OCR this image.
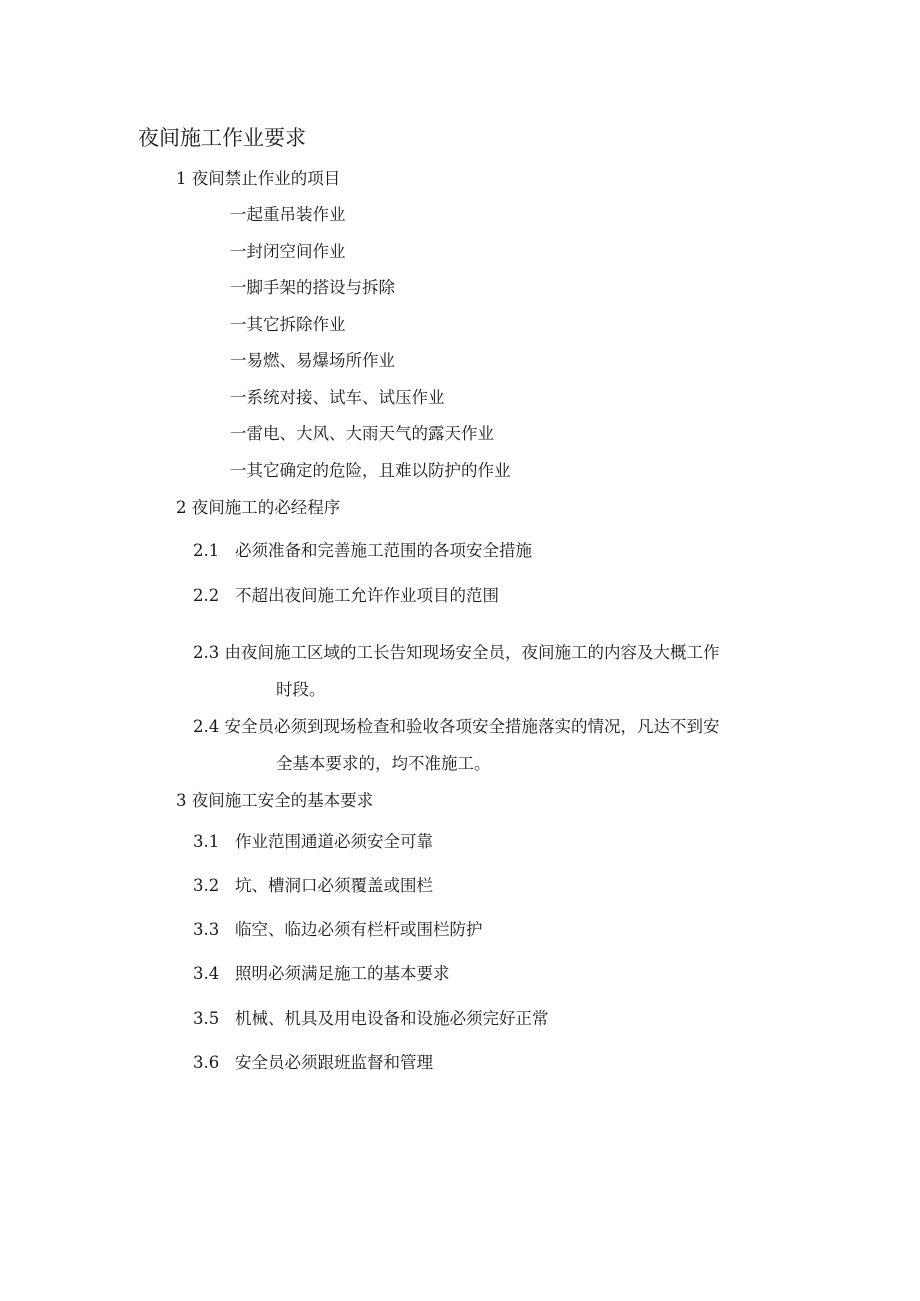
夜间施工作业要求
1 夜间禁止作业的项目
一起重吊装作业
一封闭空间作业
一脚手架的搭设与拆除
一其它拆除作业
一易燃、易爆场所作业
一系统对接、试车、试压作业
一雷电、大风、大雨天气的露天作业
一其它确定的危险，且难以防护的作业
2 夜间施工的必经程序
2.1 必须准备和完善施工范围的各项安全措施
2.2 不超出夜间施工允许作业项目的范围
2.3 由夜间施工区域的工长告知现场安全员，夜间施工的内容及大概工作
时段。
2.4 安全员必须到现场检查和验收各项安全措施落实的情况，凡达不到安
全基本要求的，均不准施工。
3 夜间施工安全的基本要求
3.1 作业范围通道必须安全可靠
3.2 坑、槽洞口必须覆盖或围栏
3.3 临空、临边必须有栏杆或围栏防护
3.4 照明必须满足施工的基本要求
3.5 机械、机具及用电设备和设施必须完好正常
3.6 安全员必须跟班监督和管理
